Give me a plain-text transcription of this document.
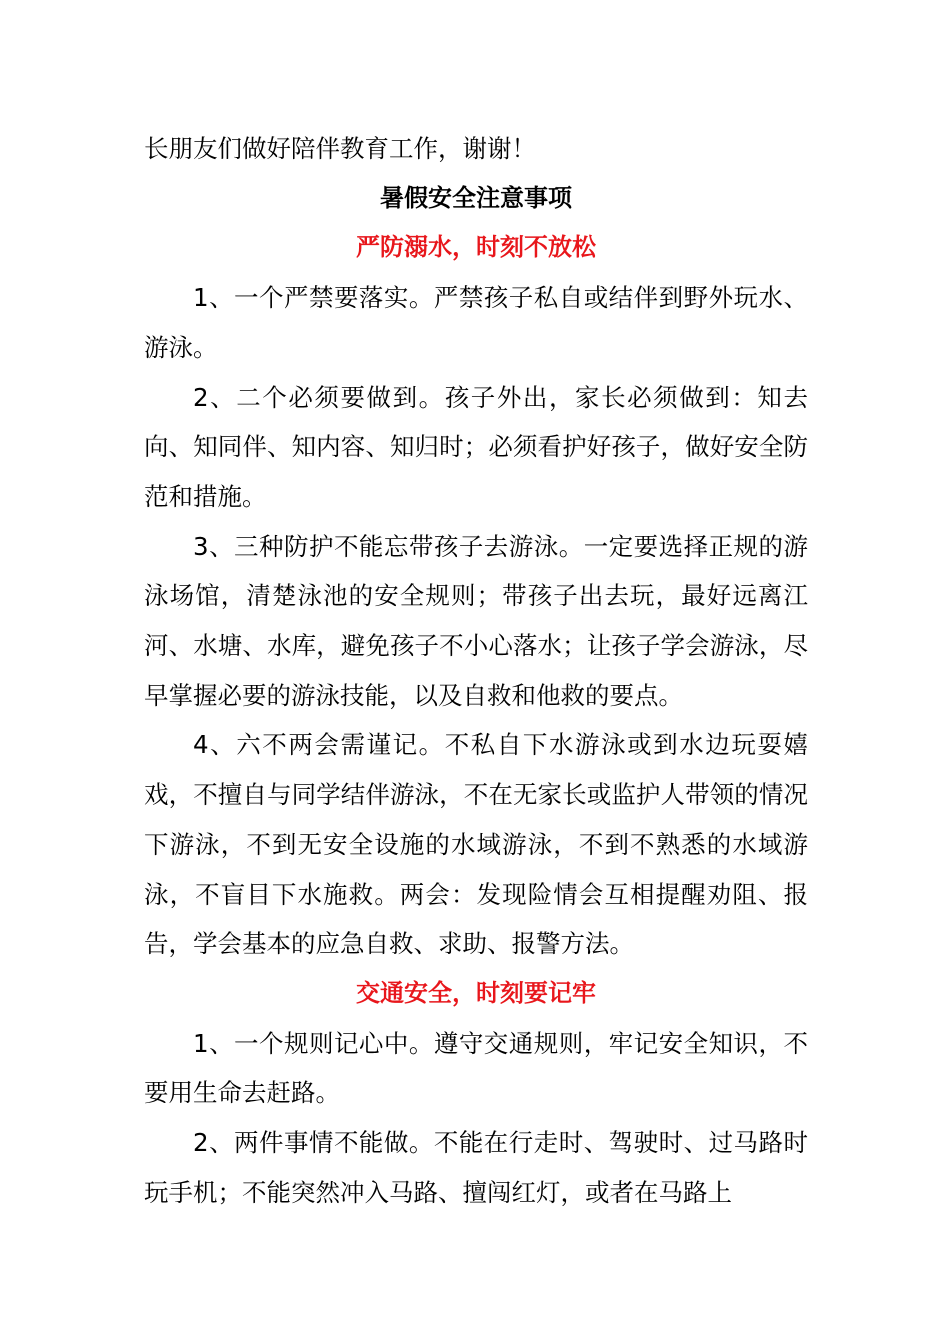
长朋友们做好陪伴教育工作，谢谢！

暑假安全注意事项

严防溺水，时刻不放松

1、一个严禁要落实。严禁孩子私自或结伴到野外玩水、游泳。

2、二个必须要做到。孩子外出，家长必须做到：知去向、知同伴、知内容、知归时；必须看护好孩子，做好安全防范和措施。

3、三种防护不能忘带孩子去游泳。一定要选择正规的游泳场馆，清楚泳池的安全规则；带孩子出去玩，最好远离江河、水塘、水库，避免孩子不小心落水；让孩子学会游泳，尽早掌握必要的游泳技能，以及自救和他救的要点。

4、六不两会需谨记。不私自下水游泳或到水边玩耍嬉戏，不擅自与同学结伴游泳，不在无家长或监护人带领的情况下游泳，不到无安全设施的水域游泳，不到不熟悉的水域游泳，不盲目下水施救。两会：发现险情会互相提醒劝阻、报告，学会基本的应急自救、求助、报警方法。

交通安全，时刻要记牢

1、一个规则记心中。遵守交通规则，牢记安全知识，不要用生命去赶路。

2、两件事情不能做。不能在行走时、驾驶时、过马路时玩手机；不能突然冲入马路、擅闯红灯，或者在马路上
